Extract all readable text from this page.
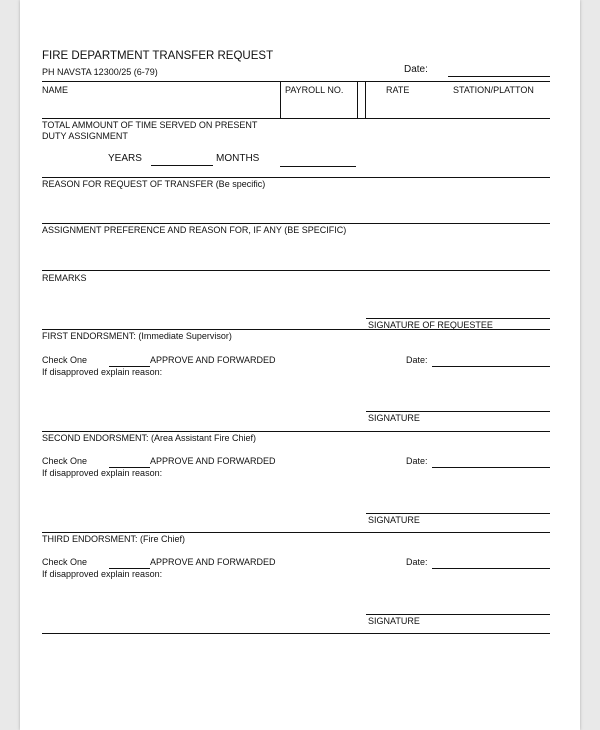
FIRE DEPARTMENT TRANSFER REQUEST
PH NAVSTA 12300/25 (6-79)	Date:
NAME	PAYROLL NO.	RATE	STATION/PLATTON
TOTAL AMMOUNT OF TIME SERVED ON PRESENT
DUTY ASSIGNMENT
YEARS	MONTHS
REASON FOR REQUEST OF TRANSFER (Be specific)
ASSIGNMENT PREFERENCE AND REASON FOR, IF ANY (BE SPECIFIC)
REMARKS
SIGNATURE OF REQUESTEE
FIRST ENDORSMENT: (Immediate Supervisor)
Check One	APPROVE AND FORWARDED
If disapproved explain reason:
Date:
SIGNATURE
SECOND ENDORSMENT: (Area Assistant Fire Chief)
Check One	APPROVE AND FORWARDED
If disapproved explain reason:
Date:
SIGNATURE
THIRD ENDORSMENT: (Fire Chief)
Check One	APPROVE AND FORWARDED
If disapproved explain reason:
Date:
SIGNATURE
